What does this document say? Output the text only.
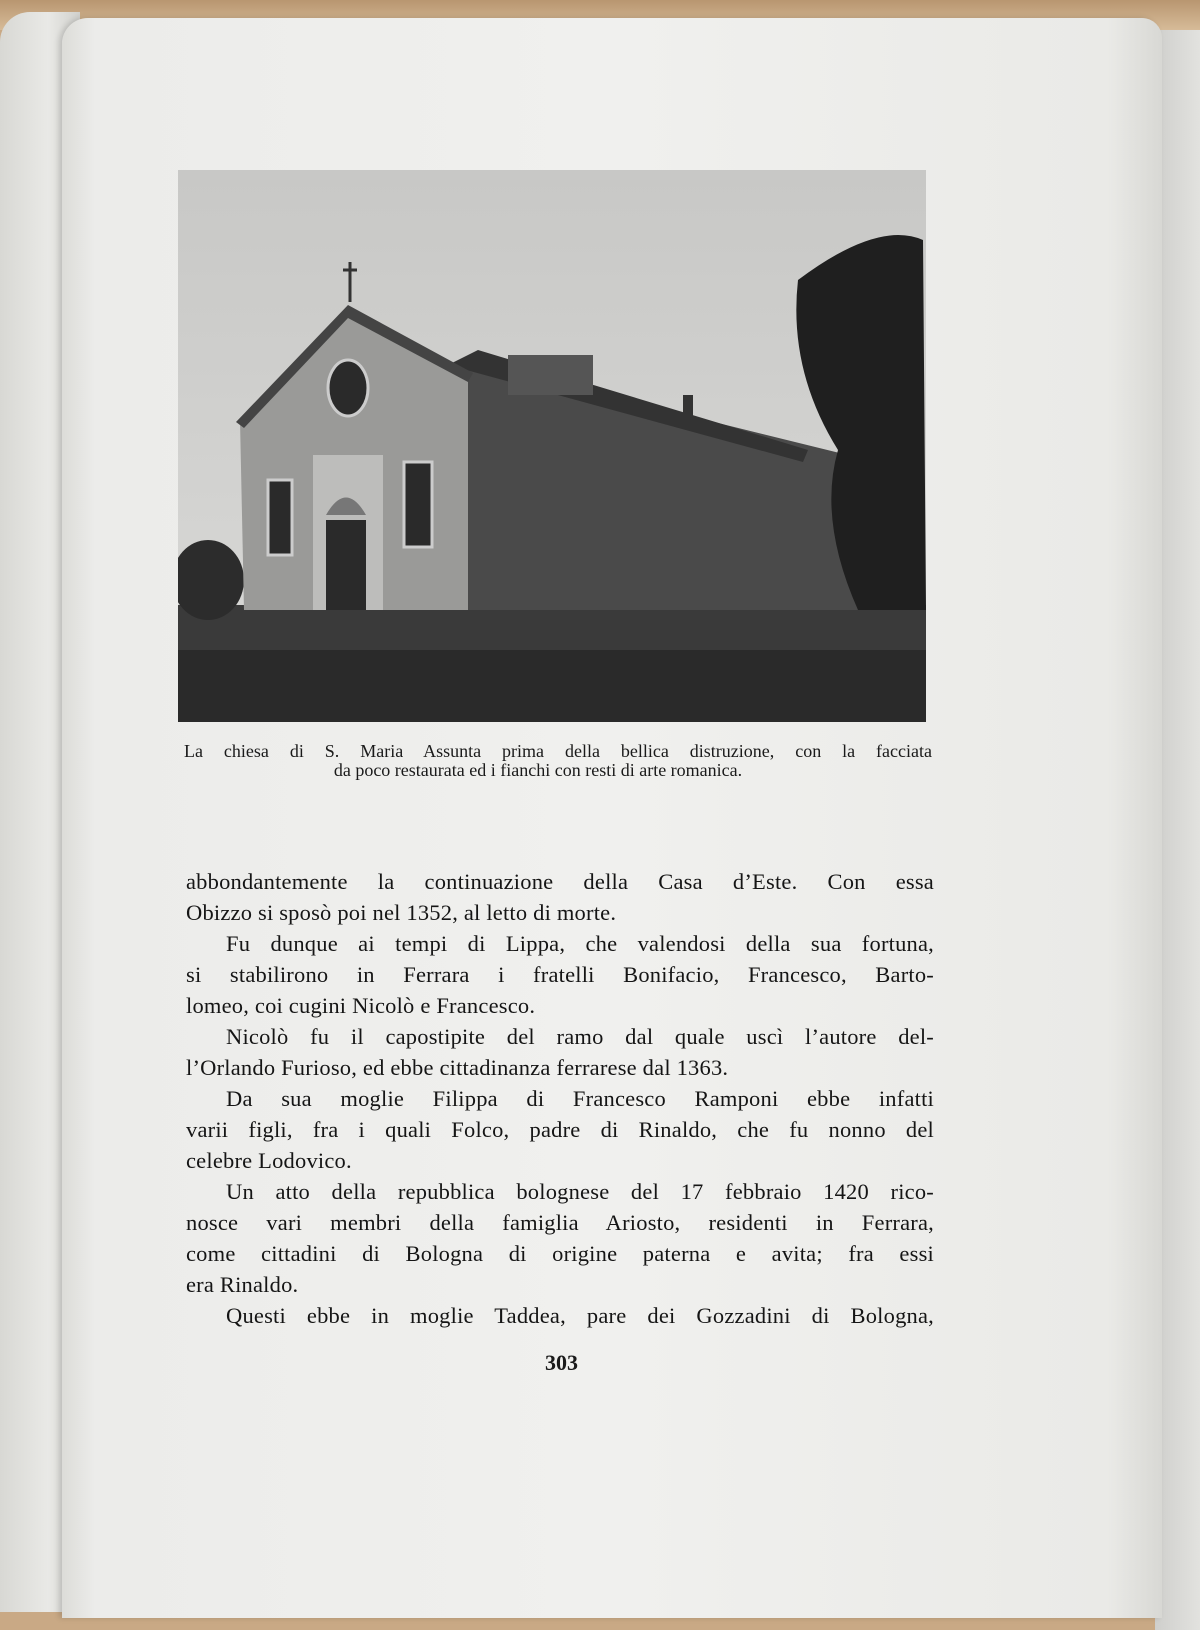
La chiesa di S. Maria Assunta prima della bellica distruzione, con la facciata
da poco restaurata ed i fianchi con resti di arte romanica.
abbondantemente la continuazione della Casa d’Este. Con essa
Obizzo si sposò poi nel 1352, al letto di morte.
Fu dunque ai tempi di Lippa, che valendosi della sua fortuna,
si stabilirono in Ferrara i fratelli Bonifacio, Francesco, Barto-
lomeo, coi cugini Nicolò e Francesco.
Nicolò fu il capostipite del ramo dal quale uscì l’autore del-
l’Orlando Furioso, ed ebbe cittadinanza ferrarese dal 1363.
Da sua moglie Filippa di Francesco Ramponi ebbe infatti
varii figli, fra i quali Folco, padre di Rinaldo, che fu nonno del
celebre Lodovico.
Un atto della repubblica bolognese del 17 febbraio 1420 rico-
nosce vari membri della famiglia Ariosto, residenti in Ferrara,
come cittadini di Bologna di origine paterna e avita; fra essi
era Rinaldo.
Questi ebbe in moglie Taddea, pare dei Gozzadini di Bologna,
303
